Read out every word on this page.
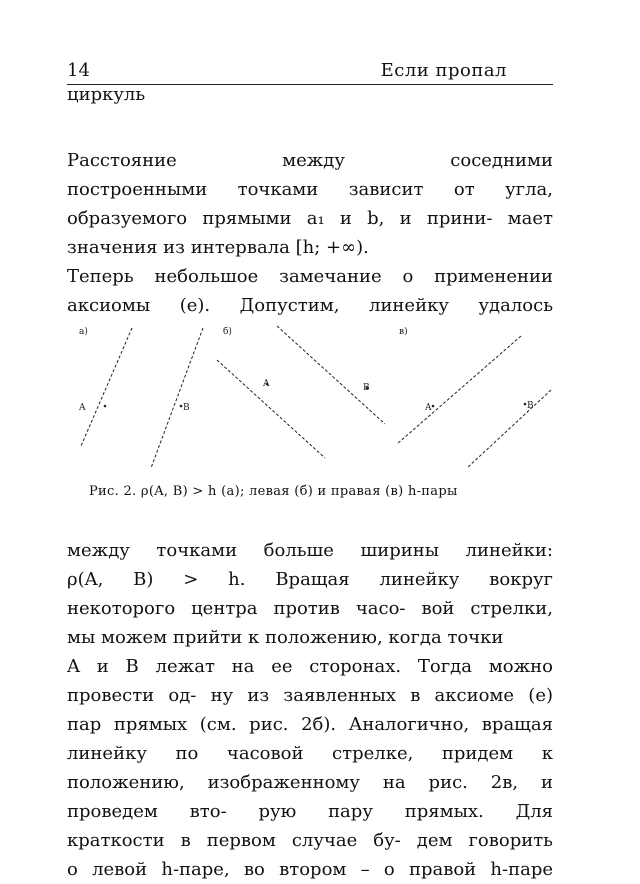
14	Если пропал
циркуль
Расстояние между соседними
построенными точками зависит от угла,
образуемого прямыми a₁ и b, и прини- мает
значения из интервала [h; +∞).
Теперь небольшое замечание о применении
аксиомы (е). Допустим, линейку удалось
а)	б)	в)
A	B
A	B
A	B
Рис. 2. ρ(A, B) > h (а); левая (б) и правая (в) h-пары
между точками больше ширины линейки:
ρ(A, B) > h. Вращая линейку вокруг
некоторого центра против часо- вой стрелки,
мы можем прийти к положению, когда точки
A и B лежат на ее сторонах. Тогда можно
провести од- ну из заявленных в аксиоме (е)
пар прямых (см. рис. 2б). Аналогично, вращая
линейку по часовой стрелке, придем к
положению, изображенному на рис. 2в, и
проведем вто- рую пару прямых. Для
краткости в первом случае бу- дем говорить
о левой h-паре, во втором – о правой h-паре
